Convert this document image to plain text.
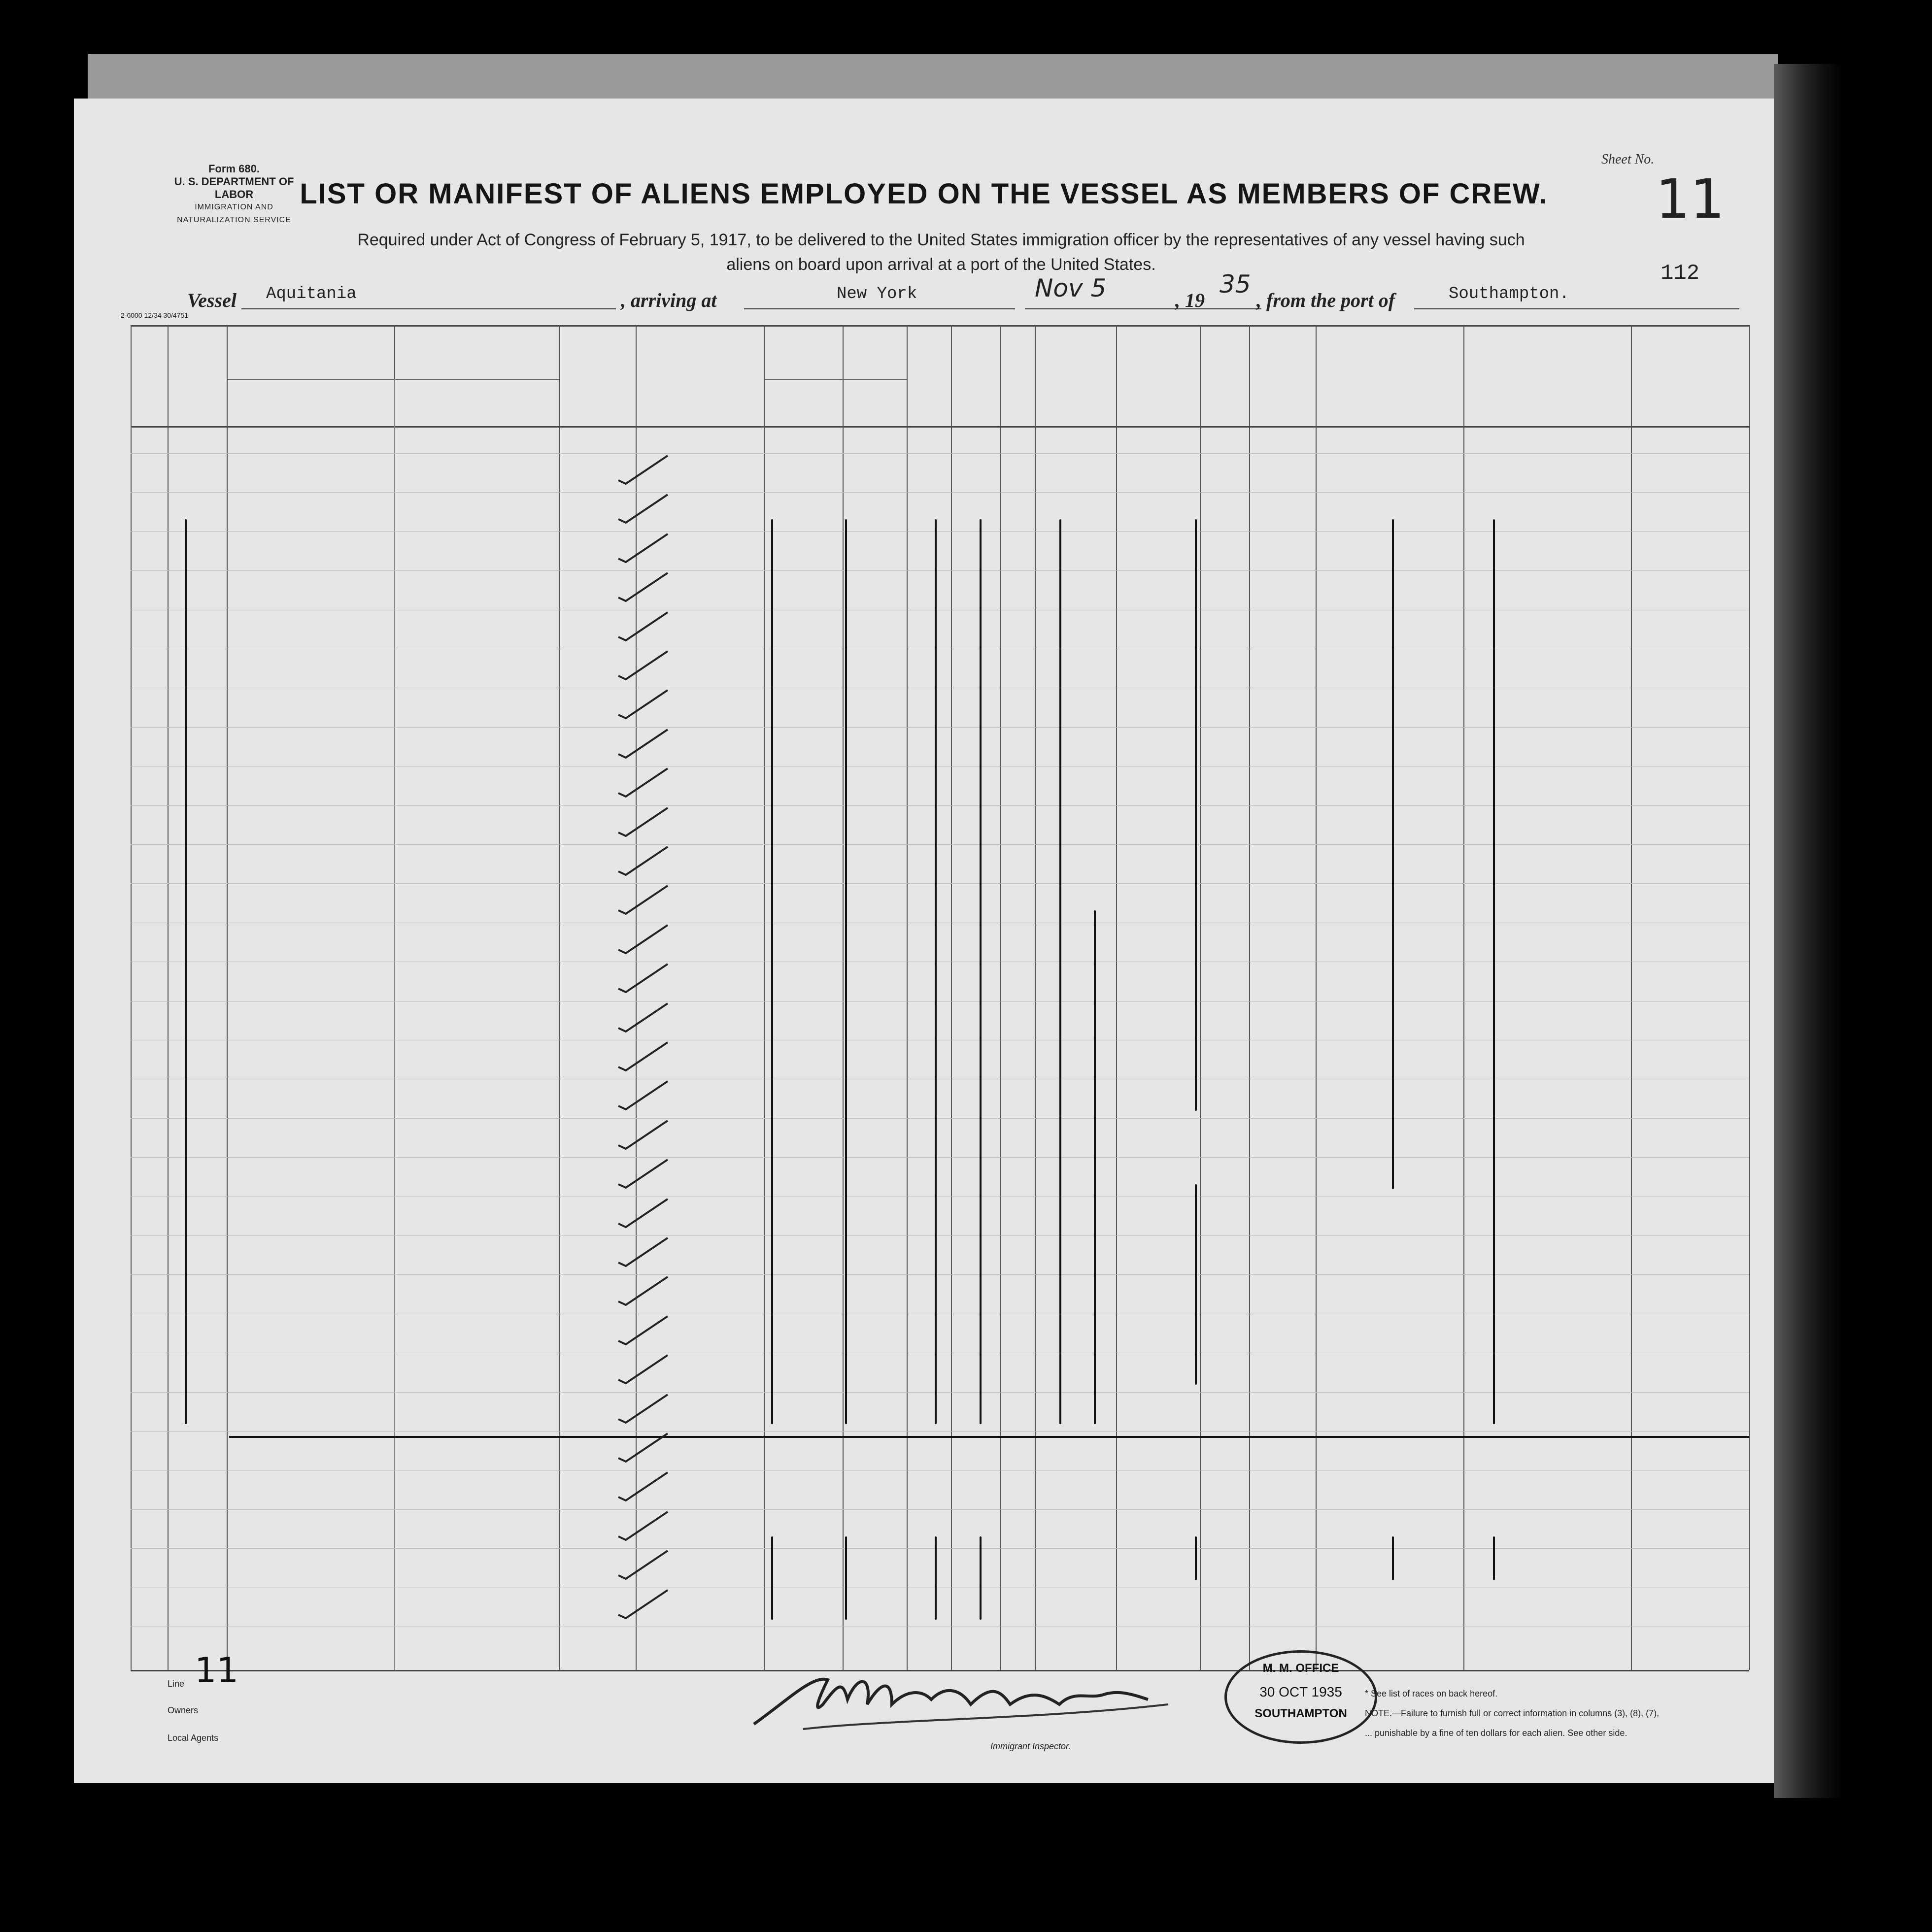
Form 680.
U. S. DEPARTMENT OF LABOR
IMMIGRATION AND NATURALIZATION SERVICE
Sheet No.
11
LIST OR MANIFEST OF ALIENS EMPLOYED ON THE VESSEL AS MEMBERS OF CREW.
Required under Act of Congress of February 5, 1917, to be delivered to the United States immigration officer by the representatives of any vessel having such
aliens on board upon arrival at a port of the United States.	112
Vessel Aquitania	, arriving at	New York	Nov 5	, 19
35
, from the port of	Southampton.
2-6000 12/34 30/4751
Line 11
Owners
Local Agents
Immigrant Inspector.
M. M. OFFICE
30 OCT 1935
SOUTHAMPTON
* See list of races on back hereof.
NOTE.—Failure to furnish full or correct information in columns (3), (8), (7),
... punishable by a fine of ten dollars for each alien. See other side.
